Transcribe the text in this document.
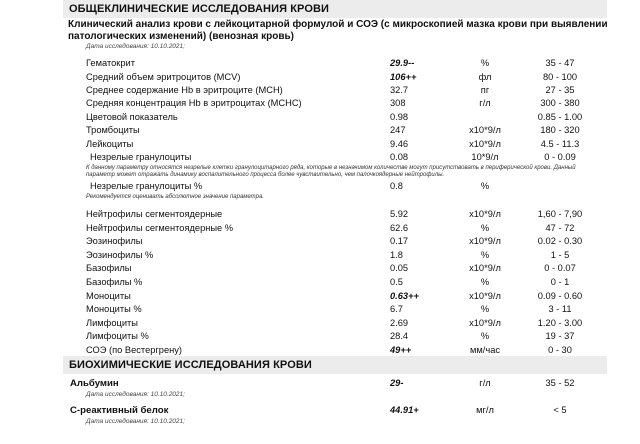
ОБЩЕКЛИНИЧЕСКИЕ ИССЛЕДОВАНИЯ КРОВИ
Клинический анализ крови с лейкоцитарной формулой и СОЭ (с микроскопией мазка крови при выявлении патологических изменений) (венозная кровь)
Дата исследования: 10.10.2021;
Гематокрит	29.9--	%	35 - 47
Средний объем эритроцитов (MCV)	106++	фл	80 - 100
Среднее содержание Hb в эритроците (MCH)	32.7	пг	27 - 35
Средняя концентрация Hb в эритроцитах (MCHC)	308	г/л	300 - 380
Цветовой показатель	0.98	0.85 - 1.00
Тромбоциты	247	x10*9/л	180 - 320
Лейкоциты	9.46	x10*9/л	4.5 - 11.3
Незрелые гранулоциты	0.08	10*9/л	0 - 0.09
Незрелые гранулоциты %	0.8	%
Нейтрофилы сегментоядерные	5.92	x10*9/л	1,60 - 7,90
Нейтрофилы сегментоядерные %	62.6	%	47 - 72
Эозинофилы	0.17	x10*9/л	0.02 - 0.30
Эозинофилы %	1.8	%	1 - 5
Базофилы	0.05	x10*9/л	0 - 0.07
Базофилы %	0.5	%	0 - 1
Моноциты	0.63++	x10*9/л	0.09 - 0.60
Моноциты %	6.7	%	3 - 11
Лимфоциты	2.69	x10*9/л	1.20 - 3.00
Лимфоциты %	28.4	%	19 - 37
СОЭ (по Вестергрену)	49++	мм/час	0 - 30
К данному параметру относятся незрелые клетки гранулоцитарного ряда, которые в незначимом количестве могут присутствовать в периферической крови. Данный параметр может отражать динамику воспалительного процесса более чувствительно, чем палочкоядерные нейтрофилы.
Рекомендуется оценивать абсолютное значение параметра.
БИОХИМИЧЕСКИЕ ИССЛЕДОВАНИЯ КРОВИ
Альбумин	29-	г/л	35 - 52
Дата исследования: 10.10.2021;
С-реактивный белок	44.91+	мг/л	< 5
Дата исследования: 10.10.2021;
